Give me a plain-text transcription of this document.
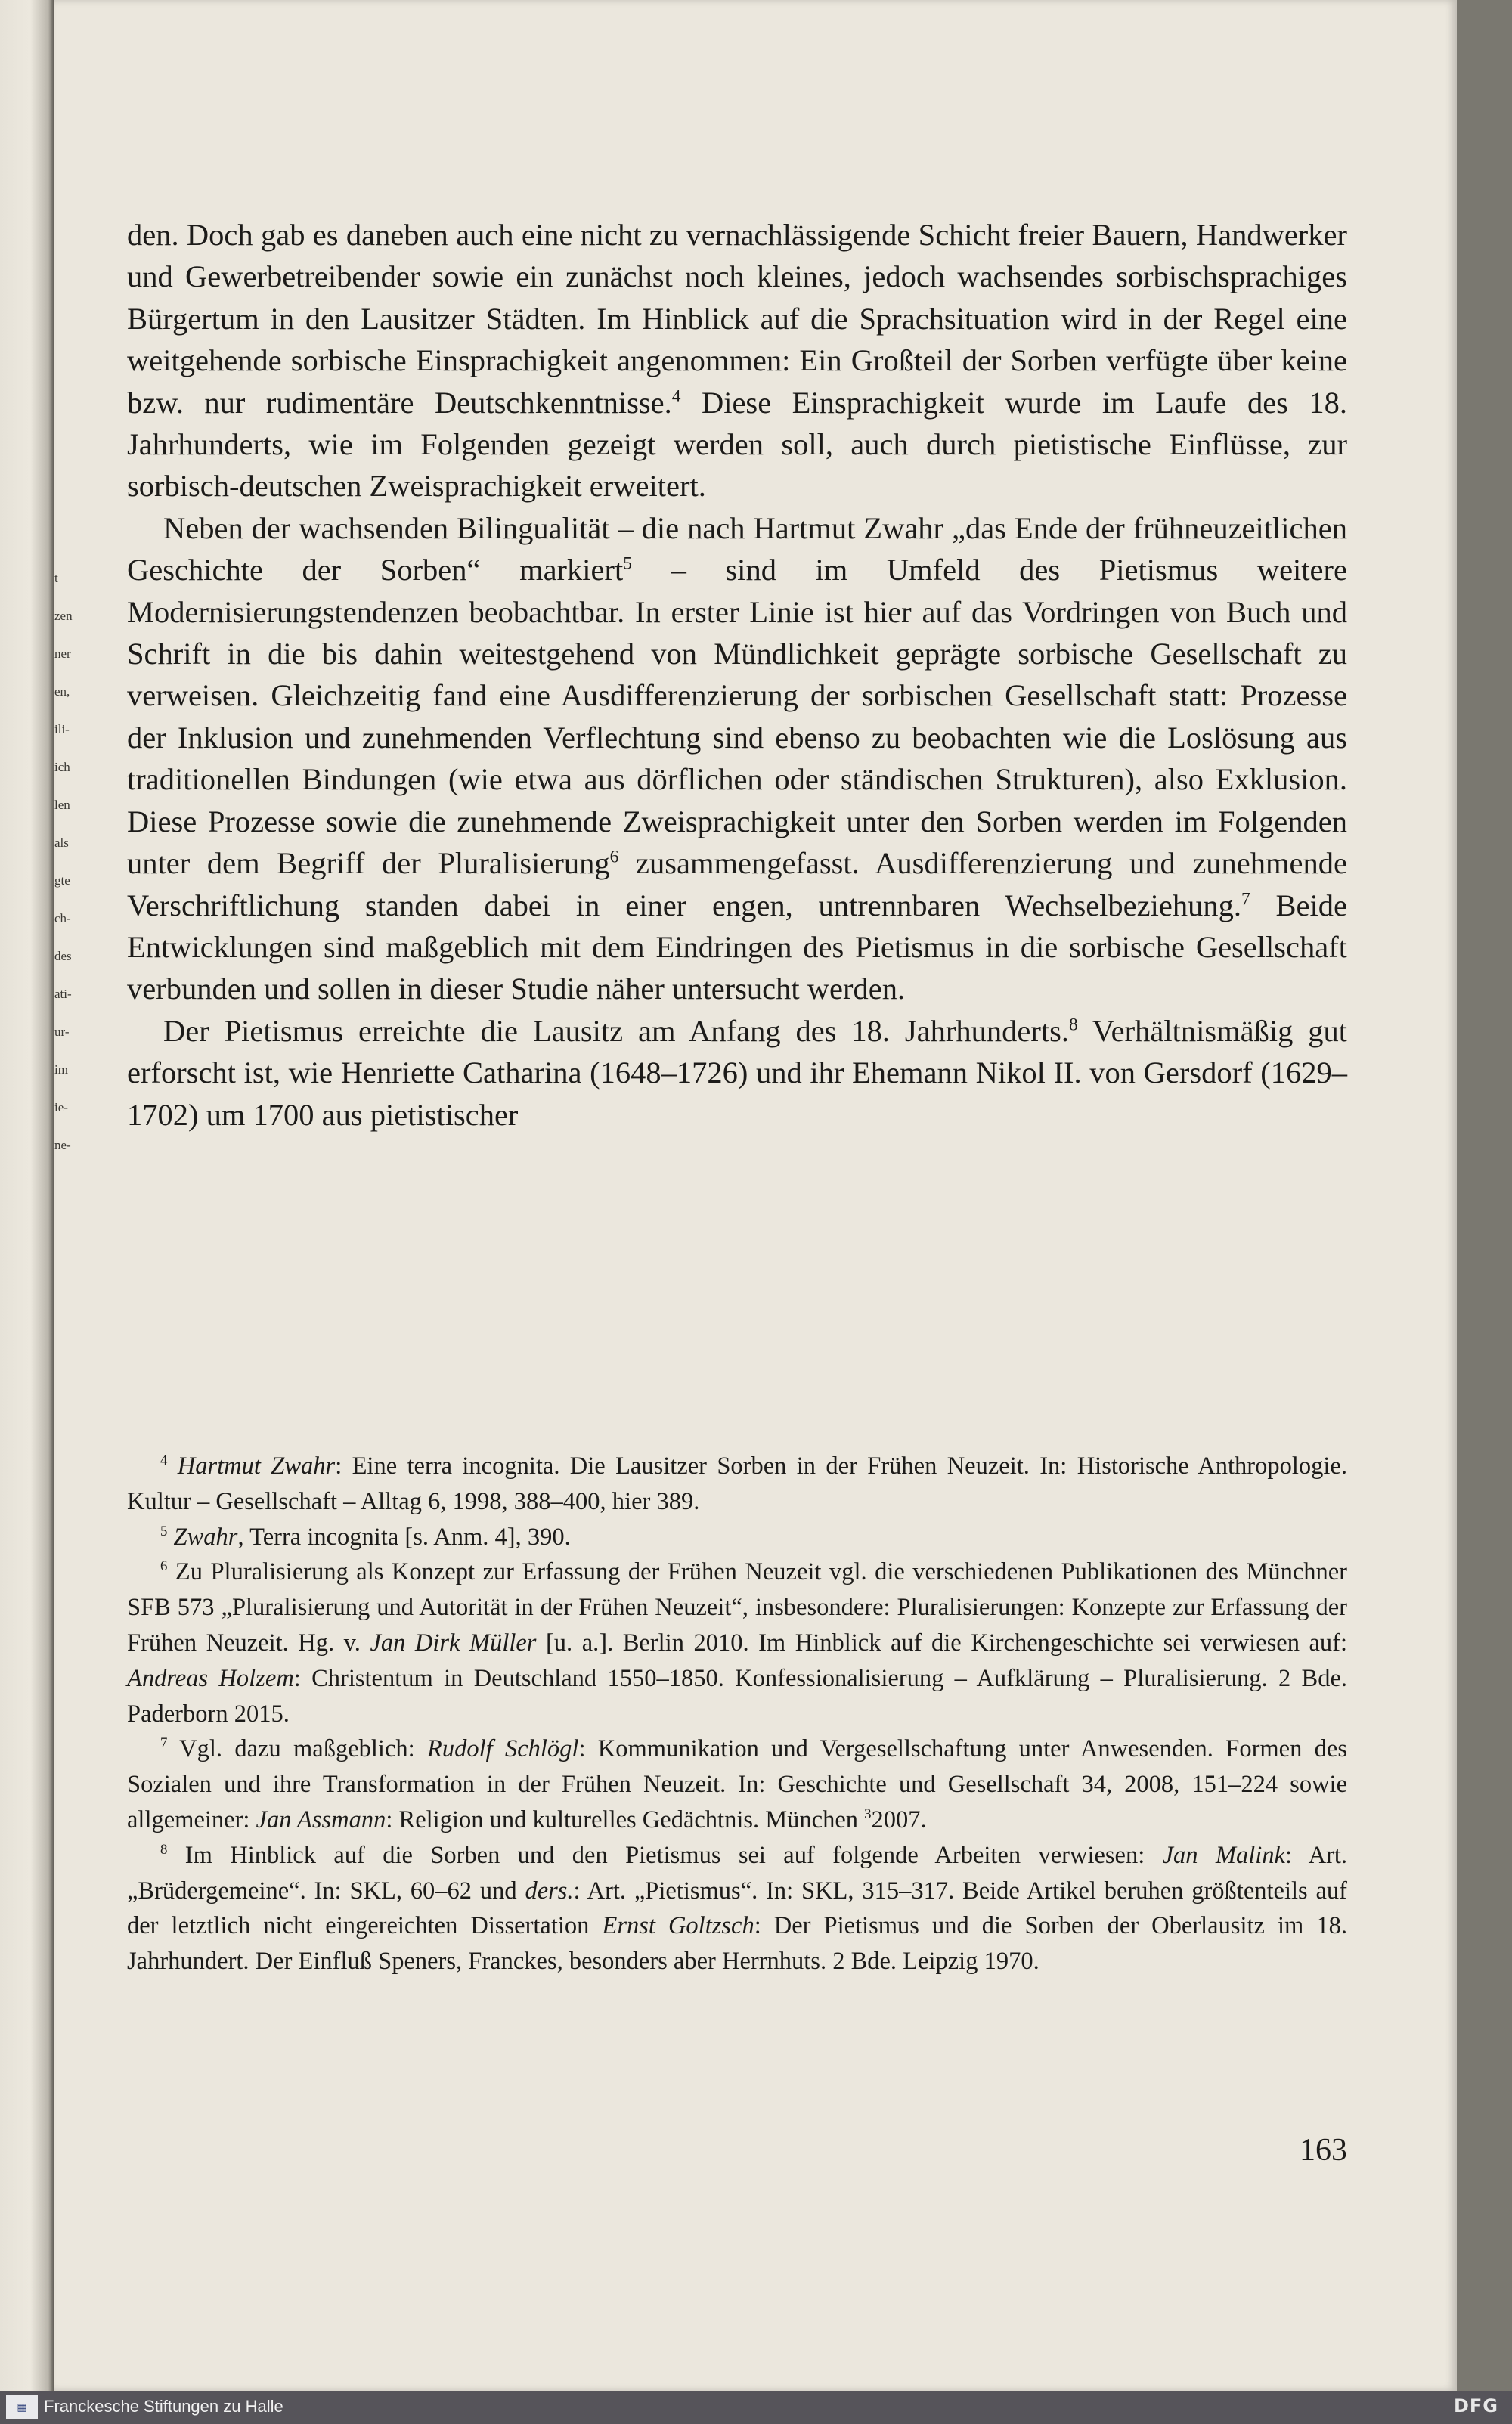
t
zen
ner
en,
ili-
ich
len
als
gte
ch-
des
ati-
ur-
im
ie-
ne-

den. Doch gab es daneben auch eine nicht zu vernachlässigende Schicht freier Bauern, Handwerker und Gewerbetreibender sowie ein zunächst noch kleines, jedoch wachsendes sorbischsprachiges Bürgertum in den Lausitzer Städten. Im Hinblick auf die Sprachsituation wird in der Regel eine weitgehende sorbische Einsprachigkeit angenommen: Ein Großteil der Sorben verfügte über keine bzw. nur rudimentäre Deutschkenntnisse.$^4$ Diese Einsprachigkeit wurde im Laufe des 18. Jahrhunderts, wie im Folgenden gezeigt werden soll, auch durch pietistische Einflüsse, zur sorbisch-deutschen Zweisprachigkeit erweitert.

Neben der wachsenden Bilingualität – die nach Hartmut Zwahr „das Ende der frühneuzeitlichen Geschichte der Sorben“ markiert$^5$ – sind im Umfeld des Pietismus weitere Modernisierungstendenzen beobachtbar. In erster Linie ist hier auf das Vordringen von Buch und Schrift in die bis dahin weitestgehend von Mündlichkeit geprägte sorbische Gesellschaft zu verweisen. Gleichzeitig fand eine Ausdifferenzierung der sorbischen Gesellschaft statt: Prozesse der Inklusion und zunehmenden Verflechtung sind ebenso zu beobachten wie die Loslösung aus traditionellen Bindungen (wie etwa aus dörflichen oder ständischen Strukturen), also Exklusion. Diese Prozesse sowie die zunehmende Zweisprachigkeit unter den Sorben werden im Folgenden unter dem Begriff der Pluralisierung$^6$ zusammengefasst. Ausdifferenzierung und zunehmende Verschriftlichung standen dabei in einer engen, untrennbaren Wechselbeziehung.$^7$ Beide Entwicklungen sind maßgeblich mit dem Eindringen des Pietismus in die sorbische Gesellschaft verbunden und sollen in dieser Studie näher untersucht werden.

Der Pietismus erreichte die Lausitz am Anfang des 18. Jahrhunderts.$^8$ Verhältnismäßig gut erforscht ist, wie Henriette Catharina (1648–1726) und ihr Ehemann Nikol II. von Gersdorf (1629–1702) um 1700 aus pietistischer

$^4$ Hartmut Zwahr: Eine terra incognita. Die Lausitzer Sorben in der Frühen Neuzeit. In: Historische Anthropologie. Kultur – Gesellschaft – Alltag 6, 1998, 388–400, hier 389.

$^5$ Zwahr, Terra incognita [s. Anm. 4], 390.

$^6$ Zu Pluralisierung als Konzept zur Erfassung der Frühen Neuzeit vgl. die verschiedenen Publikationen des Münchner SFB 573 „Pluralisierung und Autorität in der Frühen Neuzeit“, insbesondere: Pluralisierungen: Konzepte zur Erfassung der Frühen Neuzeit. Hg. v. Jan Dirk Müller [u. a.]. Berlin 2010. Im Hinblick auf die Kirchengeschichte sei verwiesen auf: Andreas Holzem: Christentum in Deutschland 1550–1850. Konfessionalisierung – Aufklärung – Pluralisierung. 2 Bde. Paderborn 2015.

$^7$ Vgl. dazu maßgeblich: Rudolf Schlögl: Kommunikation und Vergesellschaftung unter Anwesenden. Formen des Sozialen und ihre Transformation in der Frühen Neuzeit. In: Geschichte und Gesellschaft 34, 2008, 151–224 sowie allgemeiner: Jan Assmann: Religion und kulturelles Gedächtnis. München $^3$2007.

$^8$ Im Hinblick auf die Sorben und den Pietismus sei auf folgende Arbeiten verwiesen: Jan Malink: Art. „Brüdergemeine“. In: SKL, 60–62 und ders.: Art. „Pietismus“. In: SKL, 315–317. Beide Artikel beruhen größtenteils auf der letztlich nicht eingereichten Dissertation Ernst Goltzsch: Der Pietismus und die Sorben der Oberlausitz im 18. Jahrhundert. Der Einfluß Speners, Franckes, besonders aber Herrnhuts. 2 Bde. Leipzig 1970.

163
▦	Franckesche Stiftungen zu Halle	DFG
